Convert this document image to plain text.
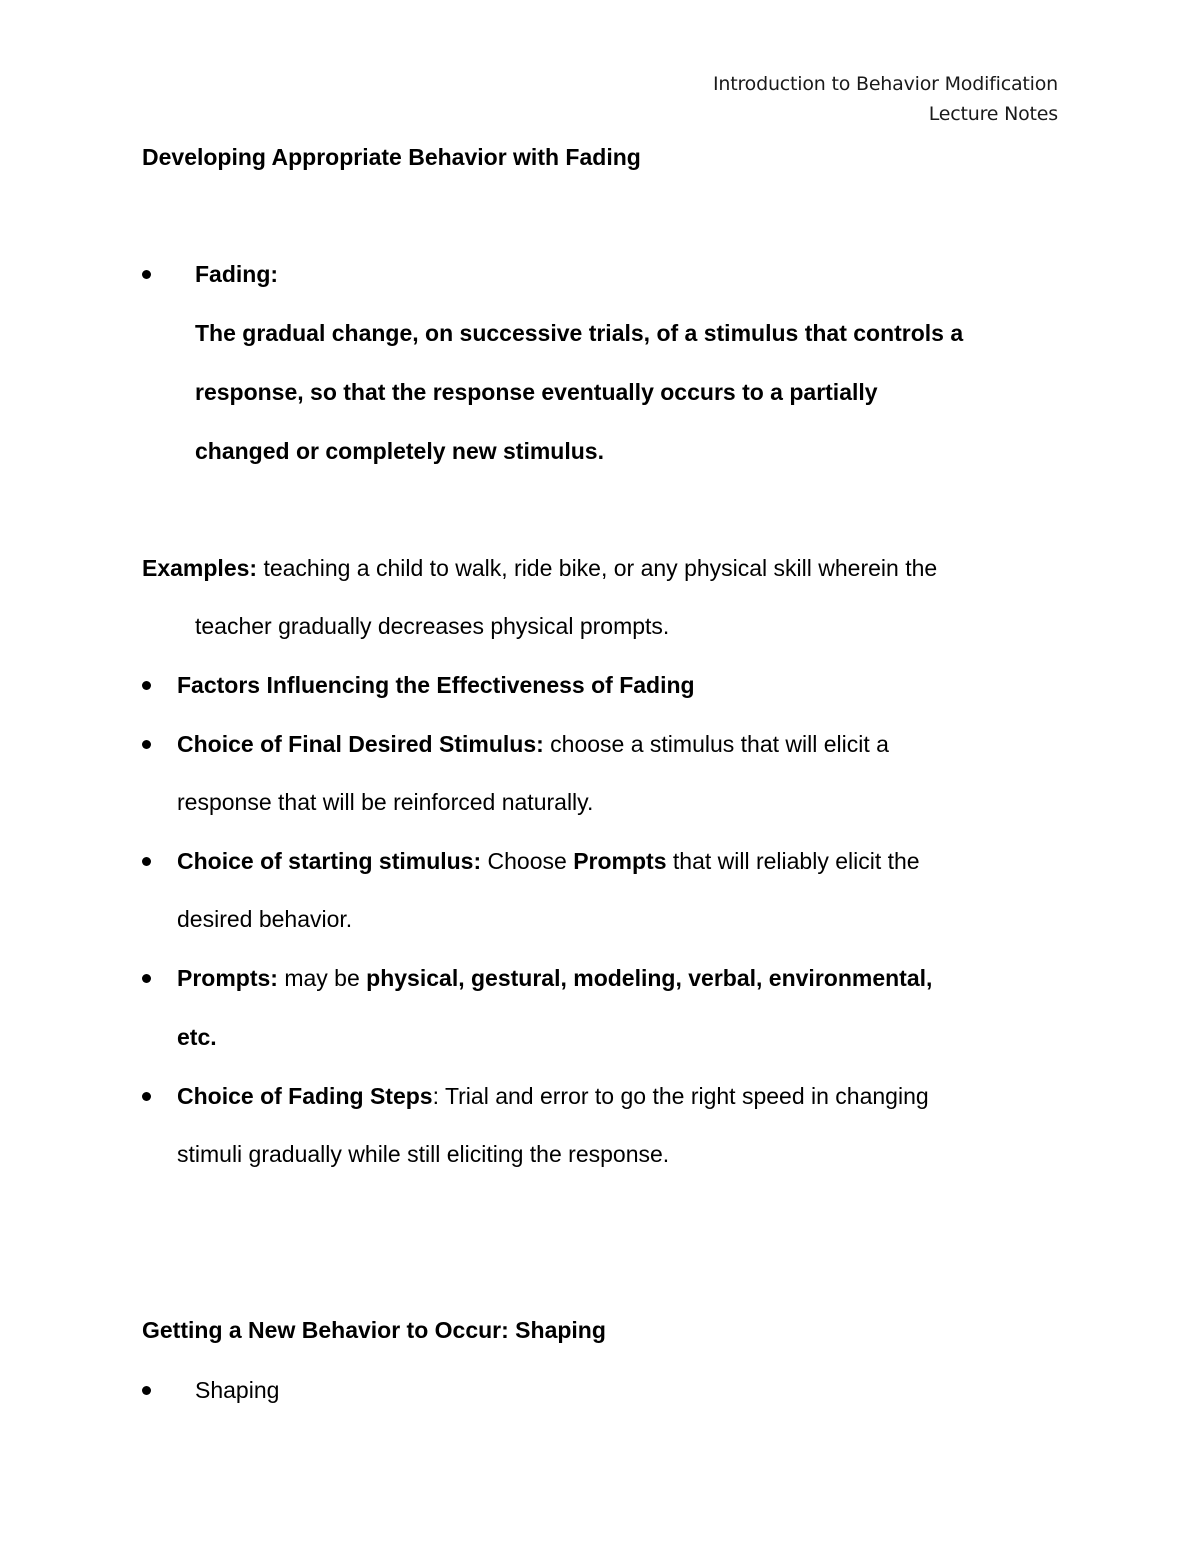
Introduction to Behavior Modification
Lecture Notes
Developing Appropriate Behavior with Fading
Fading:
The gradual change, on successive trials, of a stimulus that controls a
response, so that the response eventually occurs to a partially
changed or completely new stimulus.
Examples: teaching a child to walk, ride bike, or any physical skill wherein the
teacher gradually decreases physical prompts.
Factors Influencing the Effectiveness of Fading
Choice of Final Desired Stimulus: choose a stimulus that will elicit a
response that will be reinforced naturally.
Choice of starting stimulus: Choose Prompts that will reliably elicit the
desired behavior.
Prompts: may be physical, gestural, modeling, verbal, environmental,
etc.
Choice of Fading Steps: Trial and error to go the right speed in changing
stimuli gradually while still eliciting the response.
Getting a New Behavior to Occur: Shaping
Shaping
